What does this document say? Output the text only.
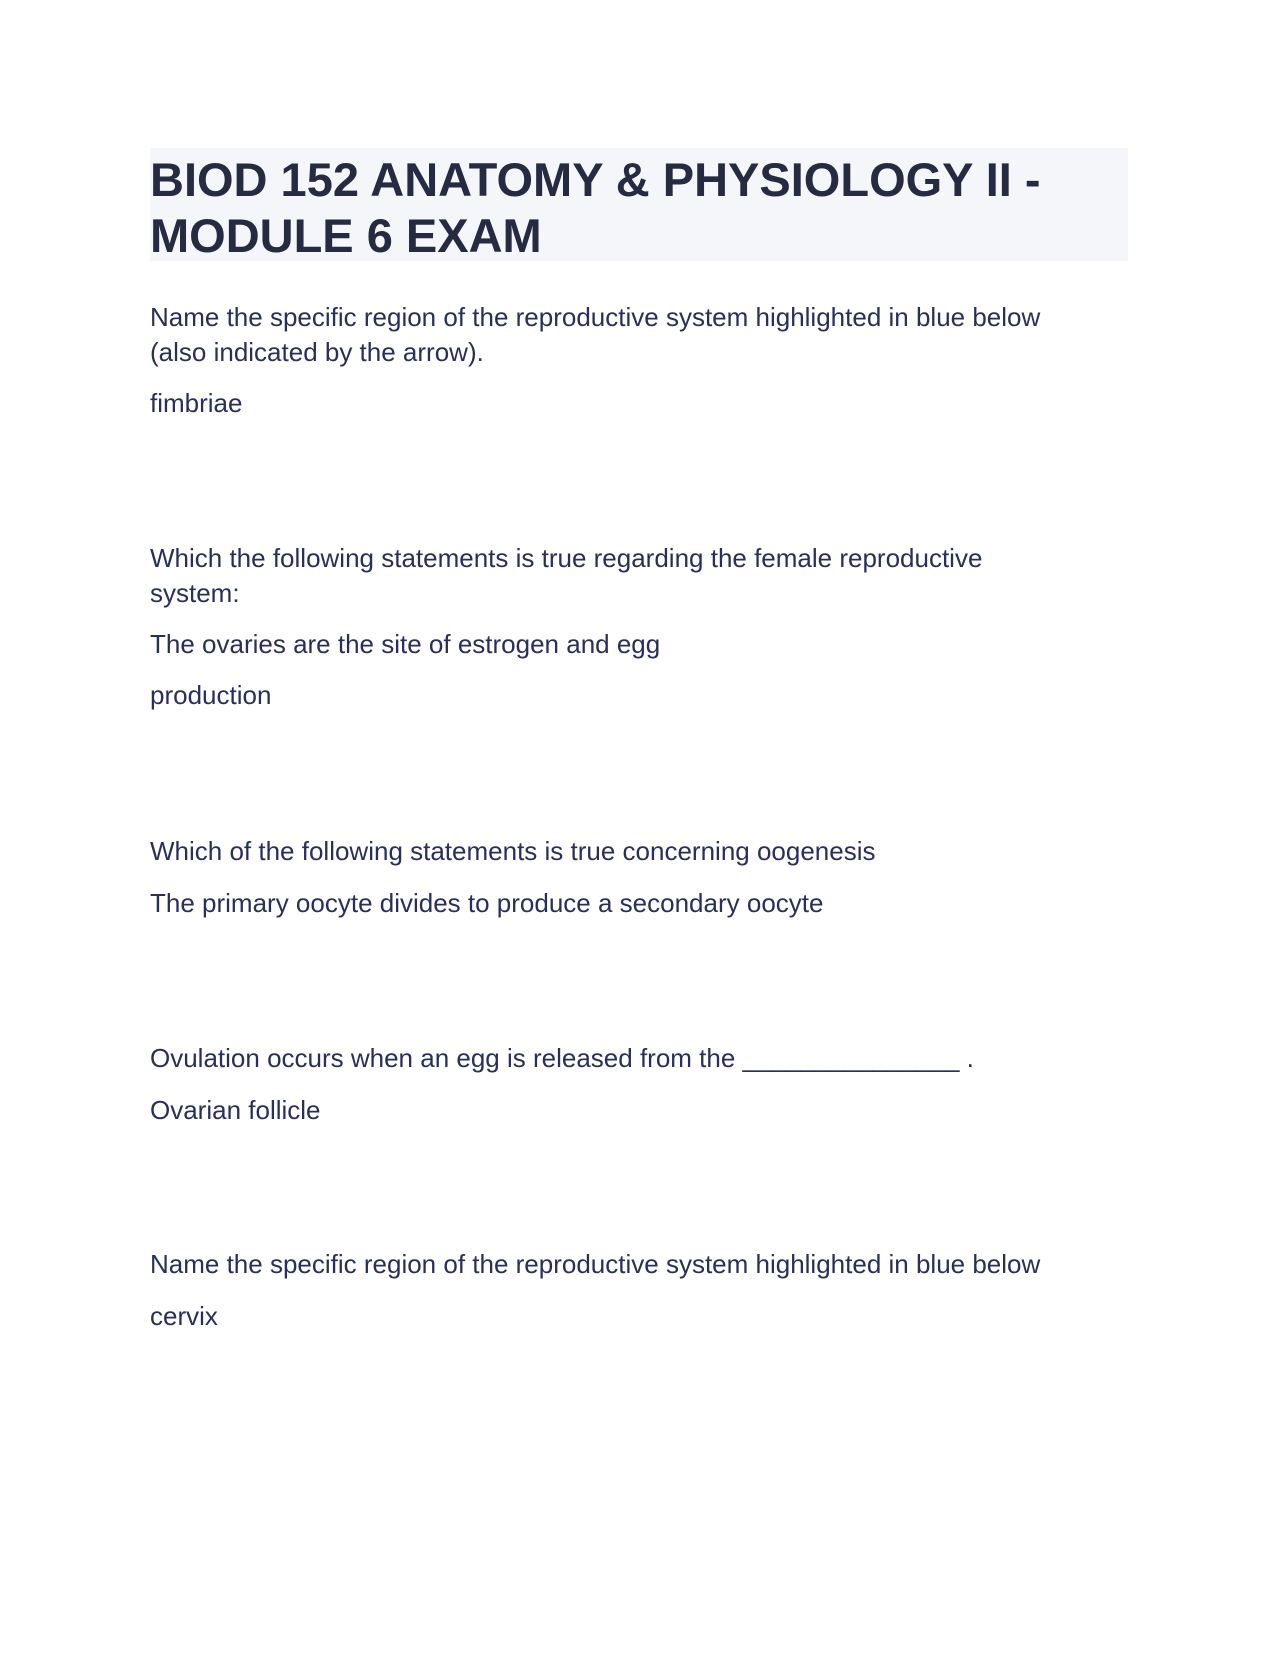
BIOD 152 ANATOMY & PHYSIOLOGY II -
MODULE 6 EXAM

Name the specific region of the reproductive system highlighted in blue below
(also indicated by the arrow).

fimbriae

Which the following statements is true regarding the female reproductive
system:

The ovaries are the site of estrogen and egg

production

Which of the following statements is true concerning oogenesis

The primary oocyte divides to produce a secondary oocyte

Ovulation occurs when an egg is released from the _______________ .

Ovarian follicle

Name the specific region of the reproductive system highlighted in blue below

cervix
